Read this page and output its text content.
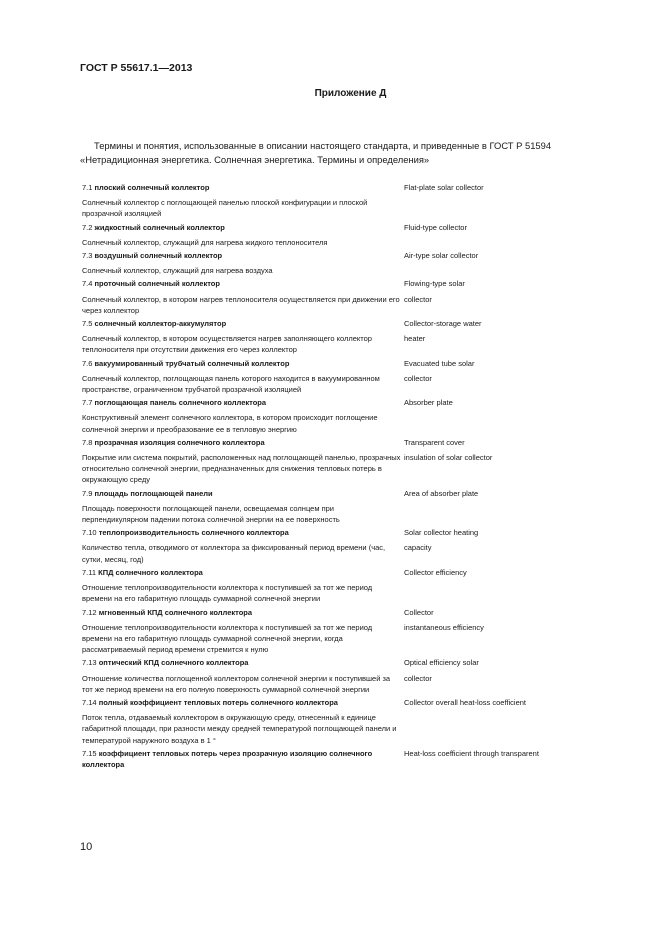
ГОСТ Р 55617.1—2013
Приложение Д

Термины и понятия, использованные в описании настоящего стандарта, и приведенные в ГОСТ Р 51594 «Нетрадиционная энергетика. Солнечная энергетика. Термины и определения»

7.1 плоский солнечный коллектор
Солнечный коллектор с поглощающей панелью плоской конфигурации и плоской прозрачной изоляцией
Flat-plate solar collector
7.2 жидкостный солнечный коллектор
Солнечный коллектор, служащий для нагрева жидкого теплоносителя
Fluid-type collector
7.3 воздушный солнечный коллектор
Солнечный коллектор, служащий для нагрева воздуха
Air-type solar collector
7.4 проточный солнечный коллектор
Солнечный коллектор, в котором нагрев теплоносителя осуществляется при движении его через коллектор
Flowing-type solar
collector
7.5 солнечный коллектор-аккумулятор
Солнечный коллектор, в котором осуществляется нагрев заполняющего коллектор теплоносителя при отсутствии движения его через коллектор
Collector-storage water
heater
7.6 вакуумированный трубчатый солнечный коллектор
Солнечный коллектор, поглощающая панель которого находится в вакуумированном пространстве, ограниченном трубчатой прозрачной изоляцией
Evacuated tube solar
collector
7.7 поглощающая панель солнечного коллектора
Конструктивный элемент солнечного коллектора, в котором происходит поглощение солнечной энергии и преобразование ее в тепловую энергию
Absorber plate
7.8 прозрачная изоляция солнечного коллектора
Покрытие или система покрытий, расположенных над поглощающей панелью, прозрачных относительно солнечной энергии, предназначенных для снижения тепловых потерь в окружающую среду
Transparent cover
insulation of solar collector
7.9 площадь поглощающей панели
Площадь поверхности поглощающей панели, освещаемая солнцем при перпендикулярном падении потока солнечной энергии на ее поверхность
Area of absorber plate
7.10 теплопроизводительность солнечного коллектора
Количество тепла, отводимого от коллектора за фиксированный период времени (час, сутки, месяц, год)
Solar collector heating
capacity
7.11 КПД солнечного коллектора
Отношение теплопроизводительности коллектора к поступившей за тот же период времени на его габаритную площадь суммарной солнечной энергии
Collector efficiency
7.12 мгновенный КПД солнечного коллектора
Отношение теплопроизводительности коллектора к поступившей за тот же период времени на его габаритную площадь суммарной солнечной энергии, когда рассматриваемый период времени стремится к нулю
Collector
instantaneous efficiency
7.13 оптический КПД солнечного коллектора
Отношение количества поглощенной коллектором солнечной энергии к поступившей за тот же период времени на его полную поверхность суммарной солнечной энергии
Optical efficiency solar
collector
7.14 полный коэффициент тепловых потерь солнечного коллектора
Поток тепла, отдаваемый коллектором в окружающую среду, отнесенный к единице габаритной площади, при разности между средней температурой поглощающей панели и температурой наружного воздуха в 1 °
Collector overall heat-loss coefficient
7.15 коэффициент тепловых потерь через прозрачную изоляцию солнечного коллектора
Heat-loss coefficient through transparent
10
